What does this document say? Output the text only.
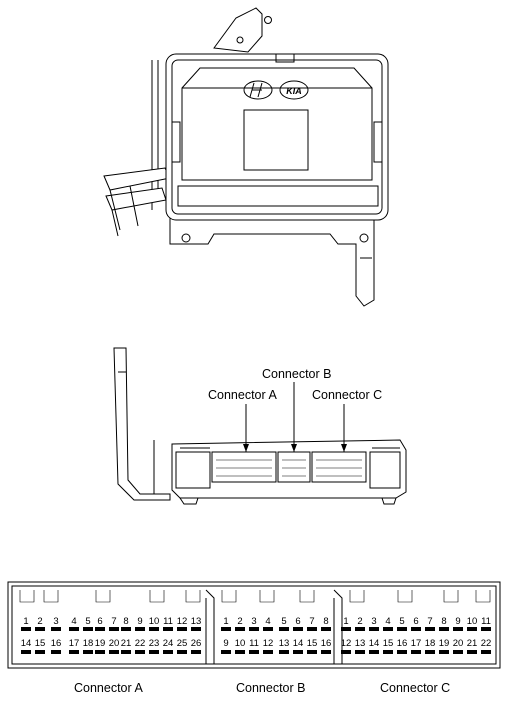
KIA
Connector A
Connector B
Connector C
1 2 3 4 5 6 7 8 9 10 11 12 13
14 15 16 17 18 19 20 21 22 23 24 25 26
1 2 3 4 5 6 7 8
9 10 11 12 13 14 15 16
1 2 3 4 5 6 7 8 9 10 11
12 13 14 15 16 17 18 19 20 21 22
Connector A	Connector B	Connector C
